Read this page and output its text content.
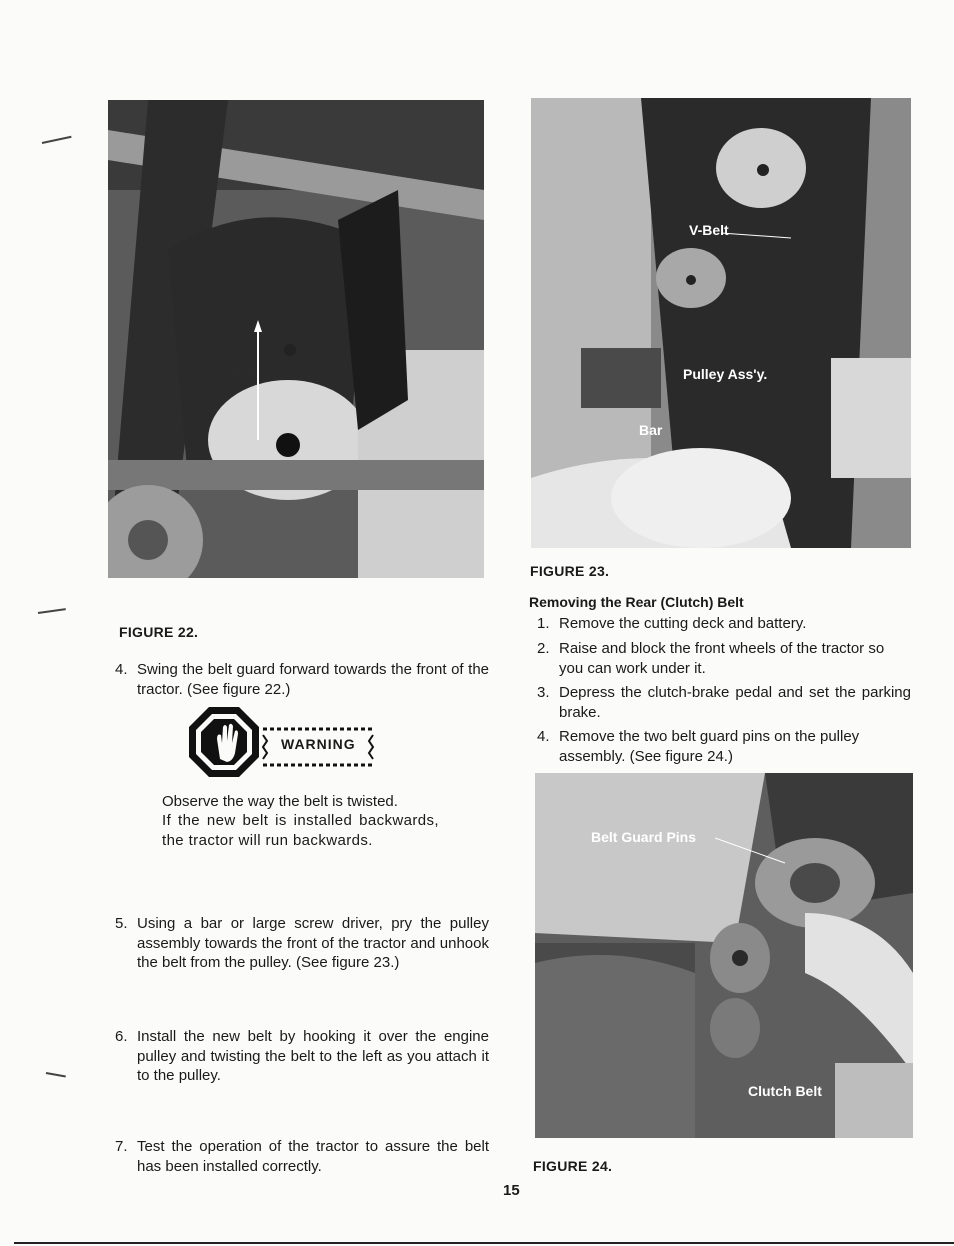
Belt Guard
FIGURE 22.
V-Belt
Pulley Ass'y.
Bar
FIGURE 23.
Removing the Rear (Clutch) Belt
1. Remove the cutting deck and battery.
2. Raise and block the front wheels of the tractor so you can work under it.
3. Depress the clutch-brake pedal and set the parking brake.
4. Remove the two belt guard pins on the pulley assembly. (See figure 24.)
Belt Guard Pins
Clutch Belt
FIGURE 24.
4. Swing the belt guard forward towards the front of the tractor. (See figure 22.)
WARNING
Observe the way the belt is twisted.
If the new belt is installed backwards, the tractor will run backwards.
5. Using a bar or large screw driver, pry the pulley assembly towards the front of the tractor and unhook the belt from the pulley. (See figure 23.)
6. Install the new belt by hooking it over the engine pulley and twisting the belt to the left as you attach it to the pulley.
7. Test the operation of the tractor to assure the belt has been installed correctly.
15
